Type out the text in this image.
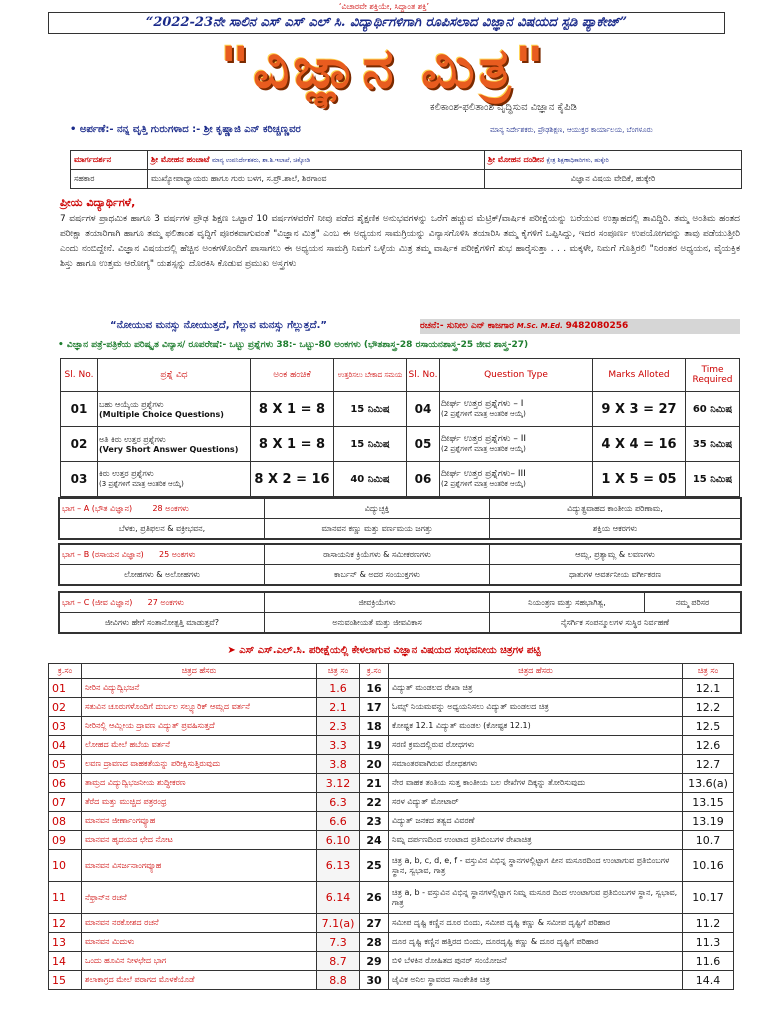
‘ವಿಚಾರವೇ ಶಕ್ತಿಯೇ, ಸಿದ್ಧಾಂತ ಶಕ್ತಿ’
“2022-23ನೇ ಸಾಲಿನ ಎಸ್ ಎಸ್ ಎಲ್ ಸಿ. ವಿದ್ಯಾರ್ಥಿಗಳಿಗಾಗಿ ರೂಪಿಸಲಾದ ವಿಜ್ಞಾನ ವಿಷಯದ ಸ್ಟಡಿ ಪ್ಯಾಕೇಜ್”
"ವಿಜ್ಞಾನ ಮಿತ್ರ"
ಕಲಿಕಾಂಶ-ಫಲಿತಾಂಶ ವೃದ್ಧಿಸುವ ವಿಜ್ಞಾನ ಕೈಪಿಡಿ
• ಅರ್ಪಣೆ:- ನನ್ನ ವೃತ್ತಿ ಗುರುಗಳಾದ :- ಶ್ರೀ ಕೃಷ್ಣಾಜಿ ಎನ್ ಕರಿಚ್ಚಣ್ಣವರ	ಮಾನ್ಯ ನಿರ್ದೇಶಕರು, ಪ್ರೌಢಶಿಕ್ಷಣ, ಆಯುಕ್ತರ ಕಾರ್ಯಾಲಯ, ಬೆಂಗಳೂರು
ಮಾರ್ಗದರ್ಶನ	ಶ್ರೀ ಮೋಹನ ಹಂಚಾಟೆ ಮಾನ್ಯ ಉಪನಿರ್ದೇಶಕರು, ಶಾ.ಶಿ.ಇಲಾಖೆ, ಚಿಕ್ಕೋಡಿ	ಶ್ರೀ ಮೋಹನ ದಂಡೀನ ಕ್ಷೇತ್ರ ಶಿಕ್ಷಣಾಧಿಕಾರಿಗಳು, ಹುಕ್ಕೇರಿ
ಸಹಕಾರ	ಮುಖ್ಯೋಪಾಧ್ಯಾಯರು ಹಾಗೂ ಗುರು ಬಳಗ, ಸ.ಪ್ರೌ.ಶಾಲೆ, ಶಿರಗಾಂವ	ವಿಜ್ಞಾನ ವಿಷಯ ವೇದಿಕೆ, ಹುಕ್ಕೇರಿ
ಪ್ರೀಯ ವಿದ್ಯಾರ್ಥಿಗಳೆ,
7 ವರ್ಷಗಳ ಪ್ರಾಥಮಿಕ ಹಾಗೂ 3 ವರ್ಷಗಳ ಪ್ರೌಢ ಶಿಕ್ಷಣ ಒಟ್ಟಾರೆ 10 ವರ್ಷಗಳವರೆಗೆ ನೀವು ಪಡೆದ ಶೈಕ್ಷಣಿಕ ಅನುಭವಗಳನ್ನು ಒರೆಗೆ ಹಚ್ಚುವ ಮೆಟ್ರಿಕ್/ವಾರ್ಷಿಕ ಪರೀಕ್ಷೆಯನ್ನು ಬರೆಯುವ ಉತ್ಸಾಹದಲ್ಲಿ ತಾವಿದ್ದಿರಿ. ತಮ್ಮ ಅಂತಿಮ ಹಂತದ ಪರೀಕ್ಷಾ ತಯಾರಿಗಾಗಿ ಹಾಗೂ ತಮ್ಮ ಫಲಿತಾಂಶ ವೃದ್ಧಿಗೆ ಪೂರಕವಾಗುವಂತೆ "ವಿಜ್ಞಾನ ಮಿತ್ರ" ಎಂಬ ಈ ಅಧ್ಯಯನ ಸಾಮಗ್ರಿಯನ್ನು ವಿನ್ಯಾಸಗೊಳಿಸಿ ತಯಾರಿಸಿ ತಮ್ಮ ಕೈಗಳಿಗೆ ಒಪ್ಪಿಸಿದ್ದು, ಇದರ ಸಂಪೂರ್ಣ ಉಪಯೋಗವನ್ನು ತಾವು ಪಡೆಯುತ್ತೀರಿ ಎಂದು ನಂಬಿದ್ದೇನೆ. ವಿಜ್ಞಾನ ವಿಷಯದಲ್ಲಿ ಹೆಚ್ಚಿನ ಅಂಕಗಳೊಂದಿಗೆ ಪಾಸಾಗಲು ಈ ಅಧ್ಯಯನ ಸಾಮಗ್ರಿ ನಿಮಗೆ ಒಳ್ಳೆಯ ಮಿತ್ರ ತಮ್ಮ ವಾರ್ಷಿಕ ಪರೀಕ್ಷೆಗಳಿಗೆ ಶುಭ ಹಾರೈಸುತ್ತಾ . . . ಮಕ್ಕಳೇ, ನಿಮಗೆ ಗೊತ್ತಿರಲಿ "ನಿರಂತರ ಅಧ್ಯಯನ, ವೈಯಕ್ತಿಕ ಶಿಸ್ತು ಹಾಗೂ ಉತ್ತಮ ಆರೋಗ್ಯ" ಯಶಸ್ಸನ್ನು ದೊರಕಿಸಿ ಕೊಡುವ ಪ್ರಮುಖ ಅಸ್ತ್ರಗಳು
“ನೋಯುವ ಮನಸ್ಸು ನೋಯುತ್ತದೆ, ಗೆಲ್ಲುವ ಮನಸ್ಸು ಗೆಲ್ಲುತ್ತದೆ.”	ರಚನೆ:- ಸುನೀಲ ಎನ್ ಕಾಜಗಾರ M.Sc. M.Ed. 9482080256
• ವಿಜ್ಞಾನ ಪತ್ರೆ-ಪತ್ರಿಕೆಯ ಪರಿಷ್ಕೃತ ವಿನ್ಯಾಸ/ ರೂಪರೇಷೆ:- ಒಟ್ಟು ಪ್ರಶ್ನೆಗಳು 38:- ಒಟ್ಟು-80 ಅಂಕಗಳು (ಭೌತಶಾಸ್ತ್ರ-28 ರಸಾಯನಶಾಸ್ತ್ರ-25 ಜೀವ ಶಾಸ್ತ್ರ-27)
Sl. No.	ಪ್ರಶ್ನೆ ವಿಧ	ಅಂಕ ಹಂಚಿಕೆ	ಉತ್ತರಿಸಲು ಬೇಕಾದ ಸಮಯ	Sl. No.	Question Type	Marks Alloted	Time Required
01	ಬಹು ಆಯ್ಕೆಯ ಪ್ರಶ್ನೆಗಳು
(Multiple Choice Questions)	8 X 1 = 8	15 ನಿಮಿಷ	04	ದೀರ್ಘ ಉತ್ತರ ಪ್ರಶ್ನೆಗಳು – I
(2 ಪ್ರಶ್ನೆಗಳಿಗೆ ಮಾತ್ರ ಆಂತರಿಕ ಆಯ್ಕೆ)	9 X 3 = 27	60 ನಿಮಿಷ
02	ಅತಿ ಕಿರು ಉತ್ತರ ಪ್ರಶ್ನೆಗಳು
(Very Short Answer Questions)	8 X 1 = 8	15 ನಿಮಿಷ	05	ದೀರ್ಘ ಉತ್ತರ ಪ್ರಶ್ನೆಗಳು – II
(2 ಪ್ರಶ್ನೆಗಳಿಗೆ ಮಾತ್ರ ಆಂತರಿಕ ಆಯ್ಕೆ)	4 X 4 = 16	35 ನಿಮಿಷ
03	ಕಿರು ಉತ್ತರ ಪ್ರಶ್ನೆಗಳು
(3 ಪ್ರಶ್ನೆಗಳಿಗೆ ಮಾತ್ರ ಆಂತರಿಕ ಆಯ್ಕೆ)	8 X 2 = 16	40 ನಿಮಿಷ	06	ದೀರ್ಘ ಉತ್ತರ ಪ್ರಶ್ನೆಗಳು– III
(2 ಪ್ರಶ್ನೆಗಳಿಗೆ ಮಾತ್ರ ಆಂತರಿಕ ಆಯ್ಕೆ)	1 X 5 = 05	15 ನಿಮಿಷ
ಭಾಗ – A (ಭೌತ ವಿಜ್ಞಾನ) 28 ಅಂಕಗಳು	ವಿದ್ಯುಚ್ಛಕ್ತಿ	ವಿದ್ಯುತ್ಪ್ರವಾಹದ ಕಾಂತೀಯ ಪರಿಣಾಮ,
ಬೆಳಕು, ಪ್ರತಿಫಲನ & ವಕ್ರೀಭವನ,	ಮಾನವನ ಕಣ್ಣು ಮತ್ತು ವರ್ಣಮಯ ಜಗತ್ತು	ಶಕ್ತಿಯ ಆಕರಗಳು
ಭಾಗ – B (ರಸಾಯನ ವಿಜ್ಞಾನ) 25 ಅಂಕಗಳು	ರಾಸಾಯನಿಕ ಕ್ರಿಯೆಗಳು & ಸಮೀಕರಣಗಳು	ಆಮ್ಲ, ಪ್ರತ್ಯಾಮ್ಲ & ಲವಣಗಳು
ಲೋಹಗಳು & ಅಲೋಹಗಳು	ಕಾರ್ಬನ್ & ಅದರ ಸಂಯುಕ್ತಗಳು	ಧಾತುಗಳ ಆವರ್ತನೀಯ ವರ್ಗೀಕರಣ
ಭಾಗ – C (ಜೀವ ವಿಜ್ಞಾನ) 27 ಅಂಕಗಳು	ಜೀವಕ್ರಿಯೆಗಳು	ನಿಯಂತ್ರಣ ಮತ್ತು ಸಹಭಾಗಿತ್ವ,	ನಮ್ಮ ಪರಿಸರ
ಜೀವಿಗಳು ಹೇಗೆ ಸಂತಾನೋತ್ಪತ್ತಿ ಮಾಡುತ್ತವೆ?	ಅನುವಂಶೀಯತೆ ಮತ್ತು ಜೀವವಿಕಾಸ	ನೈಸರ್ಗಿಕ ಸಂಪನ್ಮೂಲಗಳ ಸುಸ್ಥಿರ ನಿರ್ವಹಣೆ	
➤ ಎಸ್ ಎಸ್.ಎಲ್.ಸಿ. ಪರೀಕ್ಷೆಯಲ್ಲಿ ಕೇಳಲಾಗುವ ವಿಜ್ಞಾನ ವಿಷಯದ ಸಂಭವನೀಯ ಚಿತ್ರಗಳ ಪಟ್ಟಿ
ಕ್ರ.ಸಂ	ಚಿತ್ರದ ಹೆಸರು	ಚಿತ್ರ ಸಂ	ಕ್ರ.ಸಂ	ಚಿತ್ರದ ಹೆಸರು	ಚಿತ್ರ ಸಂ
01	ನೀರಿನ ವಿದ್ಯುದ್ವಿಭಜನೆ	1.6	16	ವಿದ್ಯುತ್ ಮಂಡಲದ ರೇಖಾ ಚಿತ್ರ	12.1
02	ಸತುವಿನ ಚೂರುಗಳೊಂದಿಗೆ ದುರ್ಬಲ ಸಲ್ಫ್ಯೂರಿಕ್ ಆಮ್ಲದ ವರ್ತನೆ	2.1	17	ಓಮ್ಸ್ ನಿಯಮವನ್ನು ಅಧ್ಯಯನಿಸಲು ವಿದ್ಯುತ್ ಮಂಡಲದ ಚಿತ್ರ	12.2
03	ನೀರಿನಲ್ಲಿ ಆಮ್ಲೀಯ ದ್ರಾವಣ ವಿದ್ಯುತ್ ಪ್ರವಹಿಸುತ್ತದೆ	2.3	18	ಕೋಷ್ಟಕ 12.1 ವಿದ್ಯುತ್ ಮಂಡಲ (ಕೋಷ್ಟಕ 12.1)	12.5
04	ಲೋಹದ ಮೇಲೆ ಹಬೆಯ ವರ್ತನೆ	3.3	19	ಸರಣಿ ಕ್ರಮದಲ್ಲಿರುವ ರೋಧಗಳು	12.6
05	ಲವಣ ದ್ರಾವಣದ ವಾಹಕತೆಯನ್ನು ಪರೀಕ್ಷಿಸುತ್ತಿರುವುದು	3.8	20	ಸಮಾಂತರವಾಗಿರುವ ರೋಧಕಗಳು	12.7
06	ತಾಮ್ರದ ವಿದ್ಯುದ್ವಿಭಜನೀಯ ಶುದ್ಧೀಕರಣ	3.12	21	ನೇರ ವಾಹಕ ತಂತಿಯ ಸುತ್ತ ಕಾಂತೀಯ ಬಲ ರೇಖೆಗಳ ದಿಕ್ಕನ್ನು ತೋರಿಸುವುದು	13.6(a)
07	ತೆರೆದ ಮತ್ತು ಮುಚ್ಚಿದ ಪತ್ರರಂಧ್ರ	6.3	22	ಸರಳ ವಿದ್ಯುತ್ ಮೋಟಾರ್	13.15
08	ಮಾನವನ ಜೀರ್ಣಾಂಗವ್ಯೂಹ	6.6	23	ವಿದ್ಯುತ್ ಜನಕದ ತತ್ವದ ವಿವರಣೆ	13.19
09	ಮಾನವನ ಹೃದಯದ ಛೇದ ನೋಟ	6.10	24	ನಿಮ್ನ ದರ್ಪಣದಿಂದ ಉಂಟಾದ ಪ್ರತಿಬಿಂಬಗಳ ರೇಖಾಚಿತ್ರ	10.7
10	ಮಾನವನ ವಿಸರ್ಜನಾಂಗವ್ಯೂಹ	6.13	25	ಚಿತ್ರ a, b, c, d, e, f - ವಸ್ತುವಿನ ವಿಭಿನ್ನ ಸ್ಥಾನಗಳಲ್ಲಿಟ್ಟಾಗ ಪೀನ ಮಸೂರದಿಂದ ಉಂಟಾಗುವ ಪ್ರತಿಬಿಂಬಗಳ ಸ್ಥಾನ, ಸ್ವಭಾವ, ಗಾತ್ರ	10.16
11	ನೆಫ್ರಾನ್‌ನ ರಚನೆ	6.14	26	ಚಿತ್ರ a, b - ವಸ್ತುವಿನ ವಿಭಿನ್ನ ಸ್ಥಾನಗಳಲ್ಲಿಟ್ಟಾಗ ನಿಮ್ನ ಮಸೂರ ದಿಂದ ಉಂಟಾಗುವ ಪ್ರತಿಬಿಂಬಗಳ ಸ್ಥಾನ, ಸ್ವಭಾವ, ಗಾತ್ರ	10.17
12	ಮಾನವನ ನರಕೋಶದ ರಚನೆ	7.1(a)	27	ಸಮೀಪ ದೃಷ್ಟಿ ಕಣ್ಣಿನ ದೂರ ಬಿಂದು, ಸಮೀಪ ದೃಷ್ಟಿ ಕಣ್ಣು & ಸಮೀಪ ದೃಷ್ಟಿಗೆ ಪರಿಹಾರ	11.2
13	ಮಾನವನ ಮಿದುಳು	7.3	28	ದೂರ ದೃಷ್ಟಿ ಕಣ್ಣಿನ ಹತ್ತಿರದ ಬಿಂದು, ದೂರದೃಷ್ಟಿ ಕಣ್ಣು & ದೂರ ದೃಷ್ಟಿಗೆ ಪರಿಹಾರ	11.3
14	ಒಂದು ಹೂವಿನ ನೀಳಛೇದ ಭಾಗ	8.7	29	ಬಿಳಿ ಬೆಳಕಿನ ರೋಹಿತದ ಪುನರ್ ಸಂಯೋಜನೆ	11.6
15	ಶಲಾಕಾಗ್ರದ ಮೇಲೆ ಪರಾಗದ ಮೊಳಕೆಯೊಡೆ	8.8	30	ಜೈವಿಕ ಅನಿಲ ಸ್ಥಾವರದ ಸಾಂಕೇತಿಕ ಚಿತ್ರ	14.4
